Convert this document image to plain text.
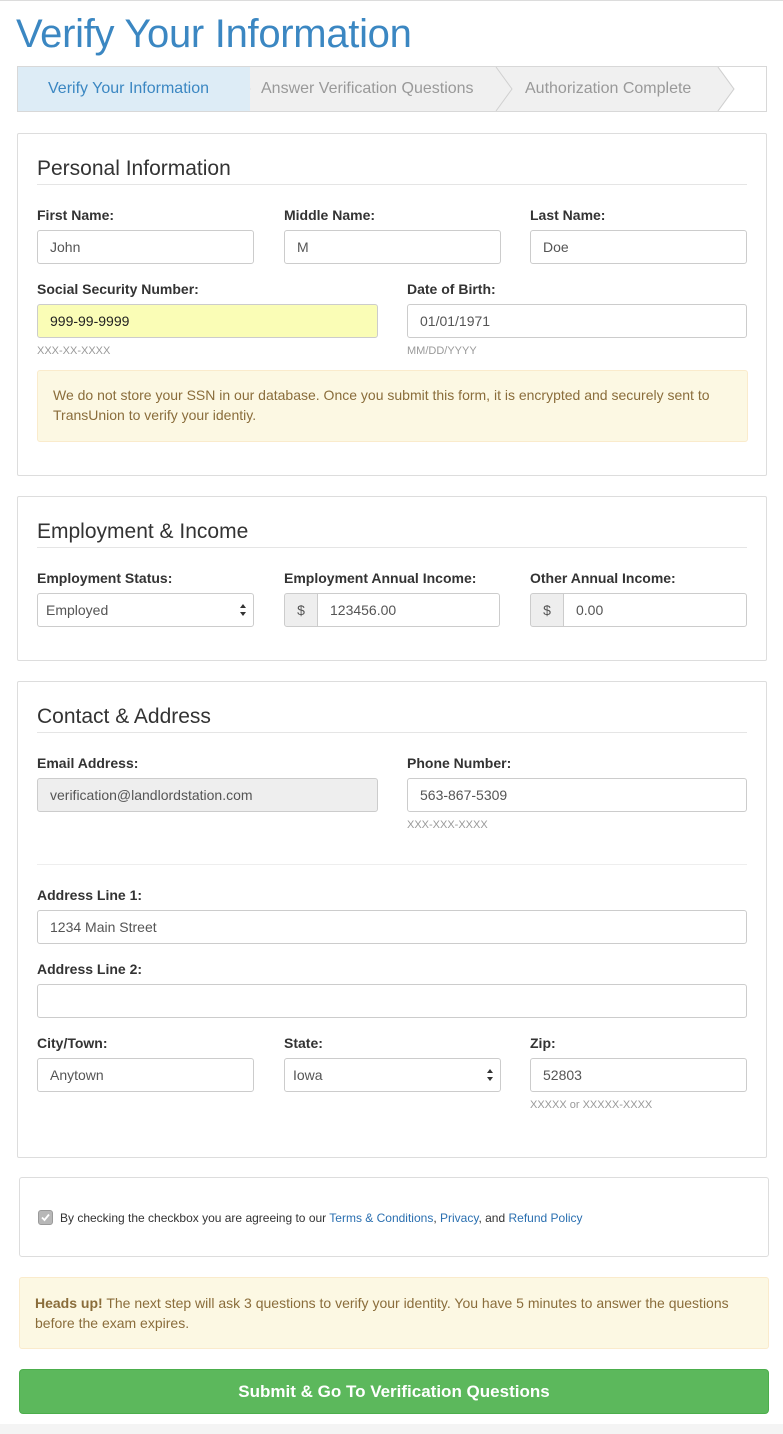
Verify Your Information
Verify Your Information	Answer Verification Questions	Authorization Complete
Personal Information
First Name:
John
Middle Name:
M
Last Name:
Doe
Social Security Number:
999-99-9999
XXX-XX-XXXX
Date of Birth:
01/01/1971
MM/DD/YYYY
We do not store your SSN in our database. Once you submit this form, it is encrypted and securely sent to TransUnion to verify your identiy.
Employment & Income
Employment Status:
Employed
Employment Annual Income:
$	123456.00
Other Annual Income:
$	0.00
Contact & Address
Email Address:
verification@landlordstation.com
Phone Number:
563-867-5309
XXX-XXX-XXXX
Address Line 1:
1234 Main Street
Address Line 2:
City/Town:
Anytown
State:
Iowa
Zip:
52803
XXXXX or XXXXX-XXXX
By checking the checkbox you are agreeing to our Terms & Conditions, Privacy, and Refund Policy
Heads up! The next step will ask 3 questions to verify your identity. You have 5 minutes to answer the questions before the exam expires.
Submit & Go To Verification Questions
